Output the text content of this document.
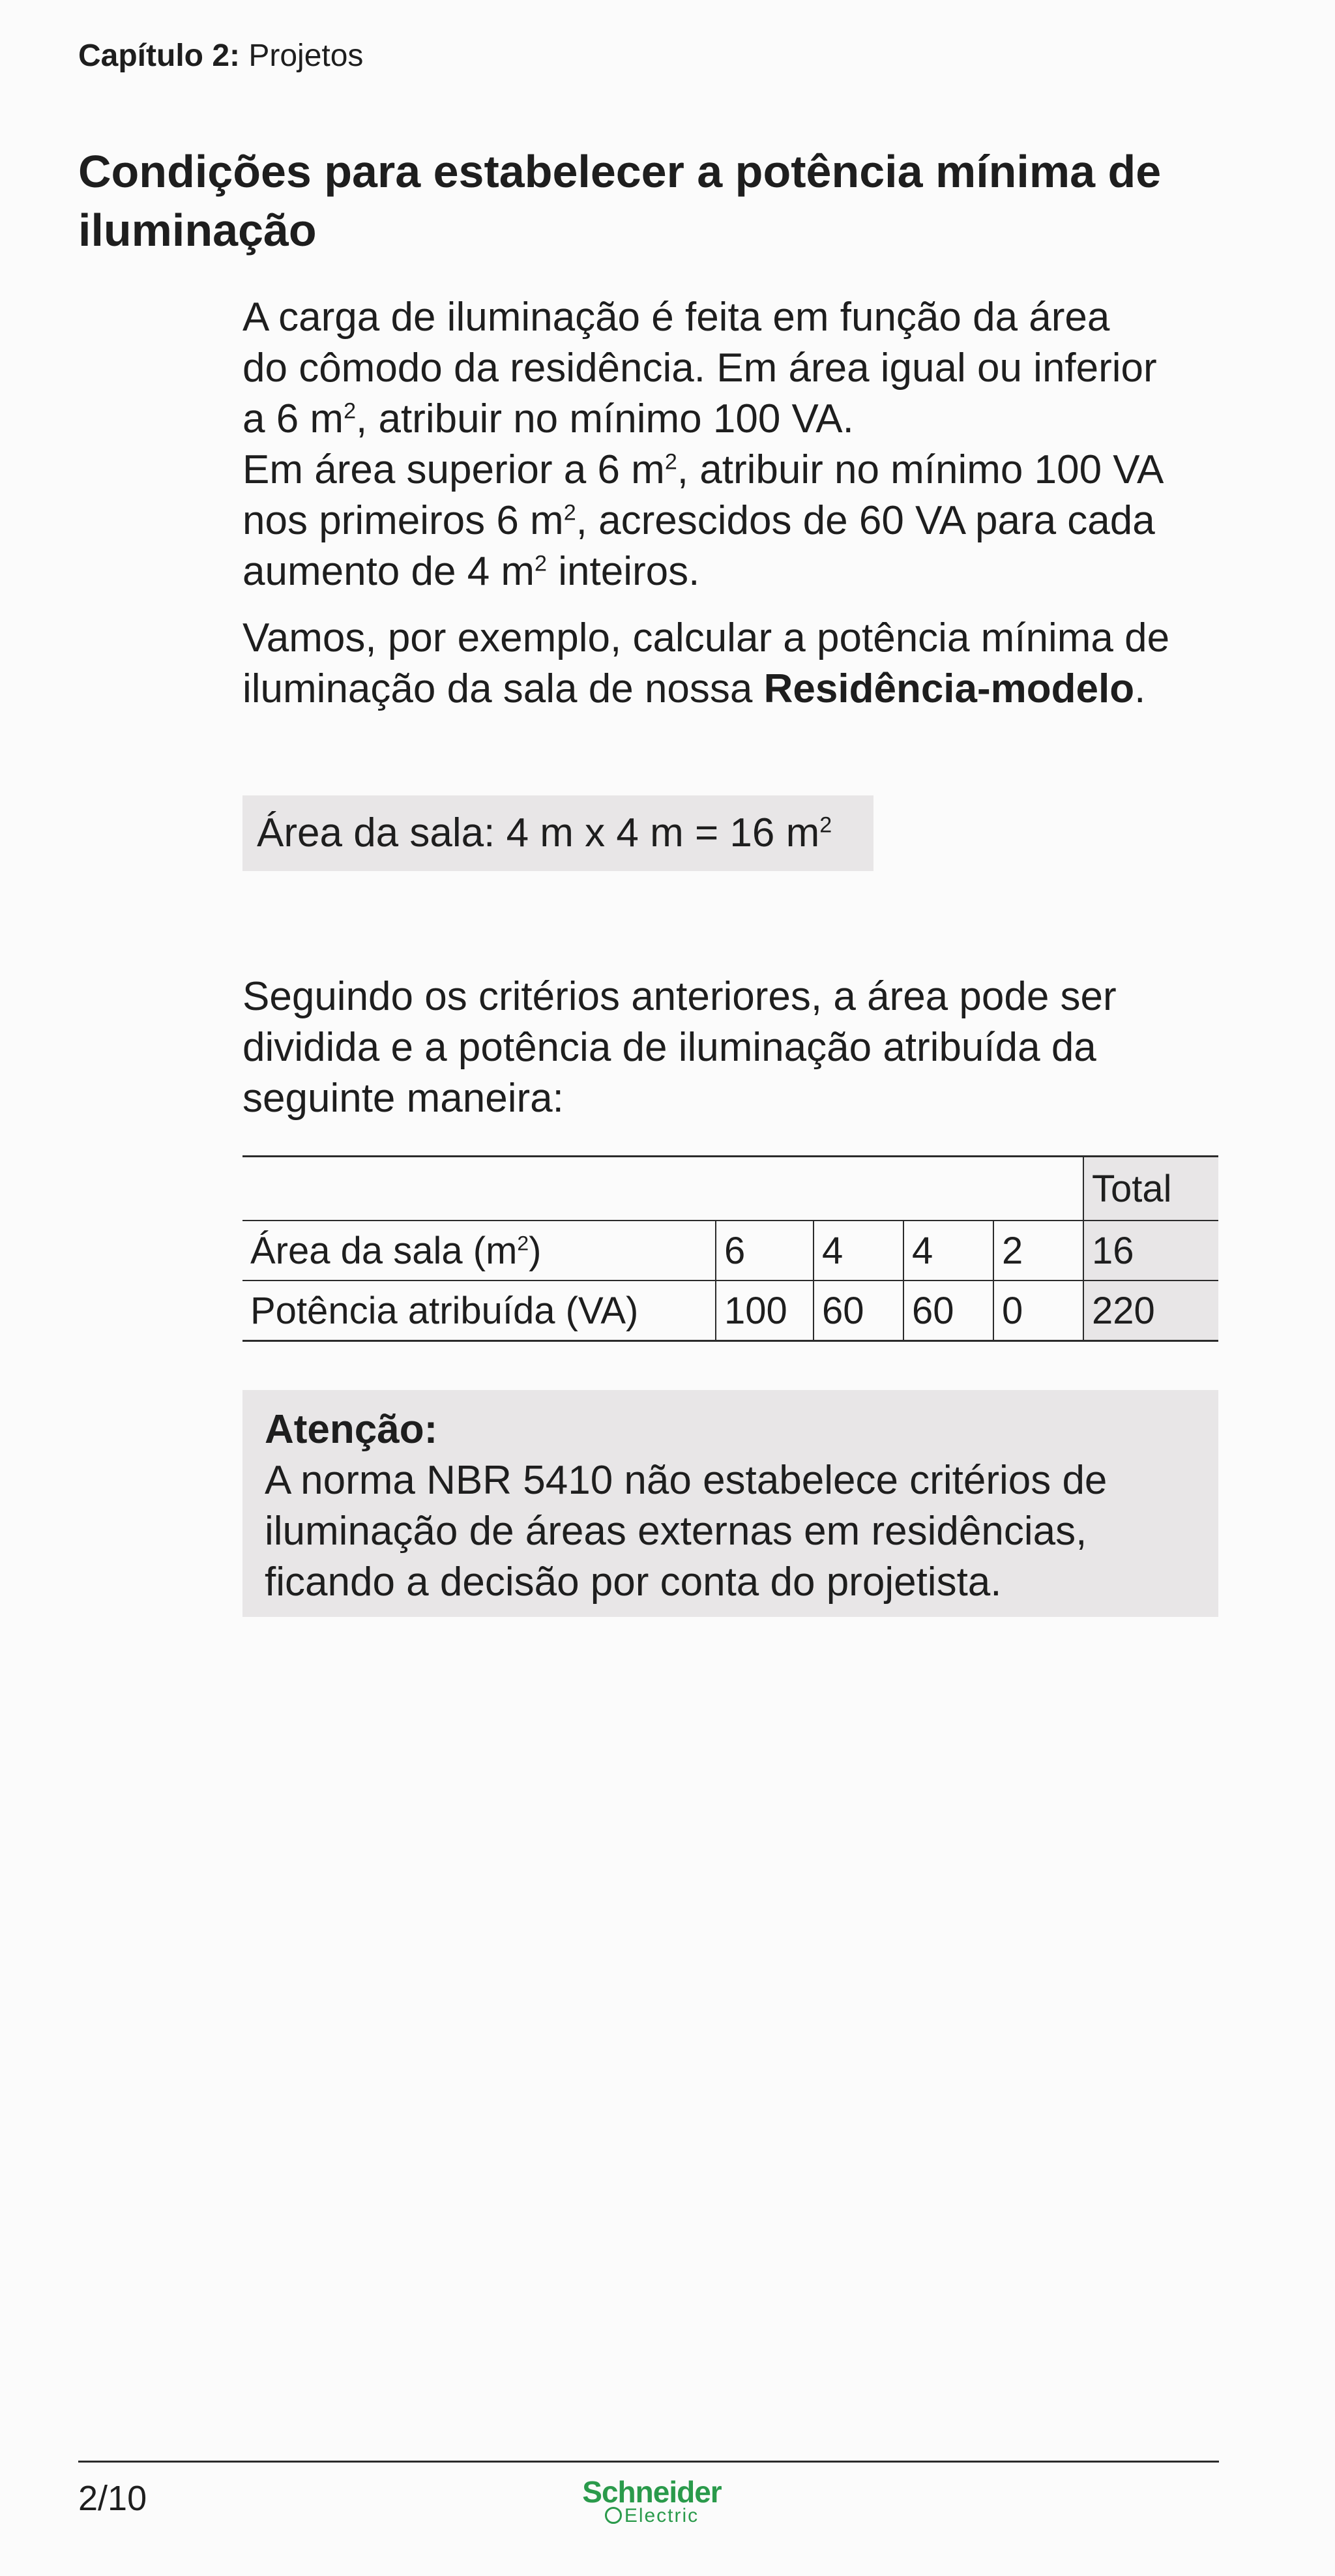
Capítulo 2: Projetos
Condições para estabelecer a potência mínima de iluminação
A carga de iluminação é feita em função da área
do cômodo da residência. Em área igual ou inferior
a 6 $m^2$, atribuir no mínimo 100 VA.
Em área superior a 6 $m^2$, atribuir no mínimo 100 VA
nos primeiros 6 $m^2$, acrescidos de 60 VA para cada
aumento de 4 $m^2$ inteiros.
Vamos, por exemplo, calcular a potência mínima de
iluminação da sala de nossa Residência-modelo.
Área da sala: 4 m x 4 m = 16 $m^2$
Seguindo os critérios anteriores, a área pode ser
dividida e a potência de iluminação atribuída da
seguinte maneira:
					Total
Área da sala $(m^2)$	6	4	4	2	16
Potência atribuída (VA)	100	60	60	0	220
Atenção:
A norma NBR 5410 não estabelece critérios de
iluminação de áreas externas em residências,
ficando a decisão por conta do projetista.
2/10	Schneider
Electric
